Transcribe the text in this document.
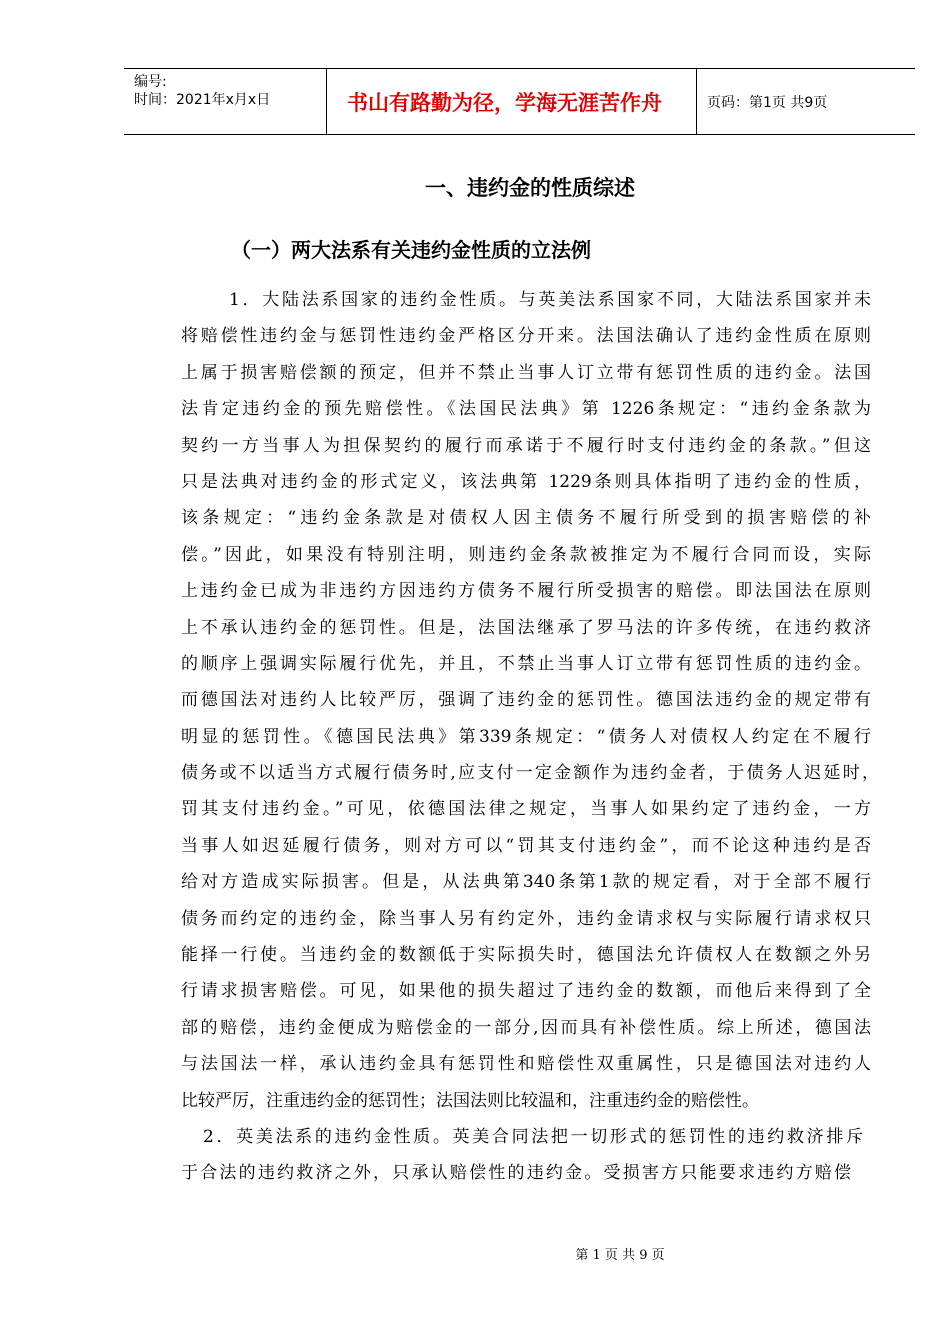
编号:
时间：2021年x月x日	书山有路勤为径，学海无涯苦作舟	页码：第1页 共9页
一、违约金的性质综述
（一）两大法系有关违约金性质的立法例
1．大陆法系国家的违约金性质。与英美法系国家不同，大陆法系国家并未
将赔偿性违约金与惩罚性违约金严格区分开来。法国法确认了违约金性质在原则
上属于损害赔偿额的预定，但并不禁止当事人订立带有惩罚性质的违约金。法国
法肯定违约金的预先赔偿性。《法国民法典》第 1226条规定：“违约金条款为
契约一方当事人为担保契约的履行而承诺于不履行时支付违约金的条款。”但这
只是法典对违约金的形式定义，该法典第 1229条则具体指明了违约金的性质，
该条规定：“违约金条款是对债权人因主债务不履行所受到的损害赔偿的补
偿。”因此，如果没有特别注明，则违约金条款被推定为不履行合同而设，实际
上违约金已成为非违约方因违约方债务不履行所受损害的赔偿。即法国法在原则
上不承认违约金的惩罚性。但是，法国法继承了罗马法的许多传统，在违约救济
的顺序上强调实际履行优先，并且，不禁止当事人订立带有惩罚性质的违约金。
而德国法对违约人比较严厉，强调了违约金的惩罚性。德国法违约金的规定带有
明显的惩罚性。《德国民法典》第339条规定：“债务人对债权人约定在不履行
债务或不以适当方式履行债务时,应支付一定金额作为违约金者，于债务人迟延时，
罚其支付违约金。”可见，依德国法律之规定，当事人如果约定了违约金，一方
当事人如迟延履行债务，则对方可以“罚其支付违约金”，而不论这种违约是否
给对方造成实际损害。但是，从法典第340条第1款的规定看，对于全部不履行
债务而约定的违约金，除当事人另有约定外，违约金请求权与实际履行请求权只
能择一行使。当违约金的数额低于实际损失时，德国法允许债权人在数额之外另
行请求损害赔偿。可见，如果他的损失超过了违约金的数额，而他后来得到了全
部的赔偿，违约金便成为赔偿金的一部分,因而具有补偿性质。综上所述，德国法
与法国法一样，承认违约金具有惩罚性和赔偿性双重属性，只是德国法对违约人
比较严厉，注重违约金的惩罚性；法国法则比较温和，注重违约金的赔偿性。
2．英美法系的违约金性质。英美合同法把一切形式的惩罚性的违约救济排斥
于合法的违约救济之外，只承认赔偿性的违约金。受损害方只能要求违约方赔偿
第 1 页 共 9 页
